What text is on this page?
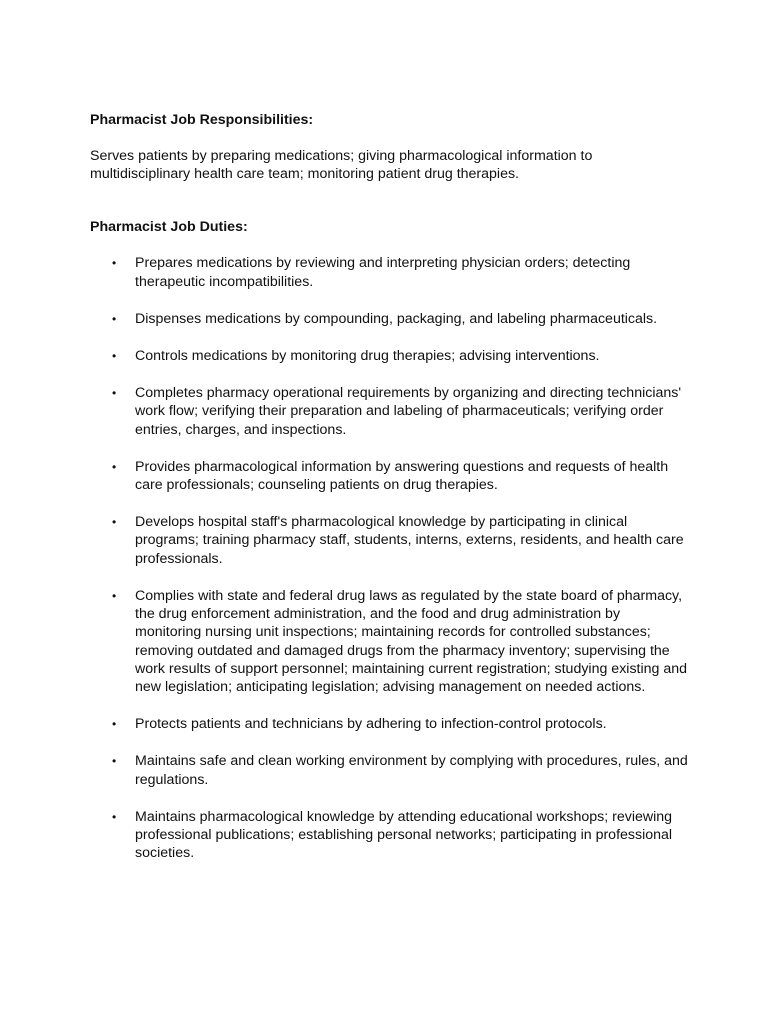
Pharmacist Job Responsibilities:

Serves patients by preparing medications; giving pharmacological information to multidisciplinary health care team; monitoring patient drug therapies.

Pharmacist Job Duties:
• Prepares medications by reviewing and interpreting physician orders; detecting therapeutic incompatibilities.
• Dispenses medications by compounding, packaging, and labeling pharmaceuticals.
• Controls medications by monitoring drug therapies; advising interventions.
• Completes pharmacy operational requirements by organizing and directing technicians' work flow; verifying their preparation and labeling of pharmaceuticals; verifying order entries, charges, and inspections.
• Provides pharmacological information by answering questions and requests of health care professionals; counseling patients on drug therapies.
• Develops hospital staff's pharmacological knowledge by participating in clinical programs; training pharmacy staff, students, interns, externs, residents, and health care professionals.
• Complies with state and federal drug laws as regulated by the state board of pharmacy, the drug enforcement administration, and the food and drug administration by monitoring nursing unit inspections; maintaining records for controlled substances; removing outdated and damaged drugs from the pharmacy inventory; supervising the work results of support personnel; maintaining current registration; studying existing and new legislation; anticipating legislation; advising management on needed actions.
• Protects patients and technicians by adhering to infection-control protocols.
• Maintains safe and clean working environment by complying with procedures, rules, and regulations.
• Maintains pharmacological knowledge by attending educational workshops; reviewing professional publications; establishing personal networks; participating in professional societies.
